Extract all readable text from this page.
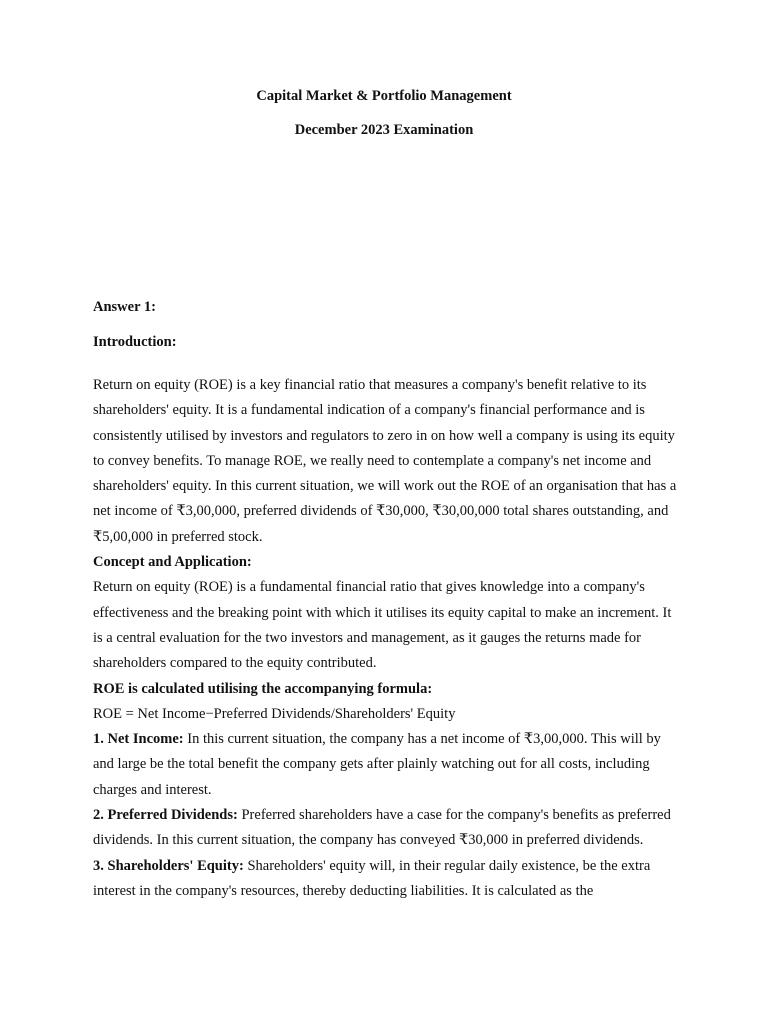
Capital Market & Portfolio Management
December 2023 Examination

Answer 1:

Introduction:

Return on equity (ROE) is a key financial ratio that measures a company's benefit relative to its shareholders' equity. It is a fundamental indication of a company's financial performance and is consistently utilised by investors and regulators to zero in on how well a company is using its equity to convey benefits. To manage ROE, we really need to contemplate a company's net income and shareholders' equity. In this current situation, we will work out the ROE of an organisation that has a net income of ₹3,00,000, preferred dividends of ₹30,000, ₹30,00,000 total shares outstanding, and ₹5,00,000 in preferred stock.

Concept and Application:

Return on equity (ROE) is a fundamental financial ratio that gives knowledge into a company's effectiveness and the breaking point with which it utilises its equity capital to make an increment. It is a central evaluation for the two investors and management, as it gauges the returns made for shareholders compared to the equity contributed.

ROE is calculated utilising the accompanying formula:

ROE = Net Income−Preferred Dividends/Shareholders' Equity

1. Net Income: In this current situation, the company has a net income of ₹3,00,000. This will by and large be the total benefit the company gets after plainly watching out for all costs, including charges and interest.

2. Preferred Dividends: Preferred shareholders have a case for the company's benefits as preferred dividends. In this current situation, the company has conveyed ₹30,000 in preferred dividends.

3. Shareholders' Equity: Shareholders' equity will, in their regular daily existence, be the extra interest in the company's resources, thereby deducting liabilities. It is calculated as the
